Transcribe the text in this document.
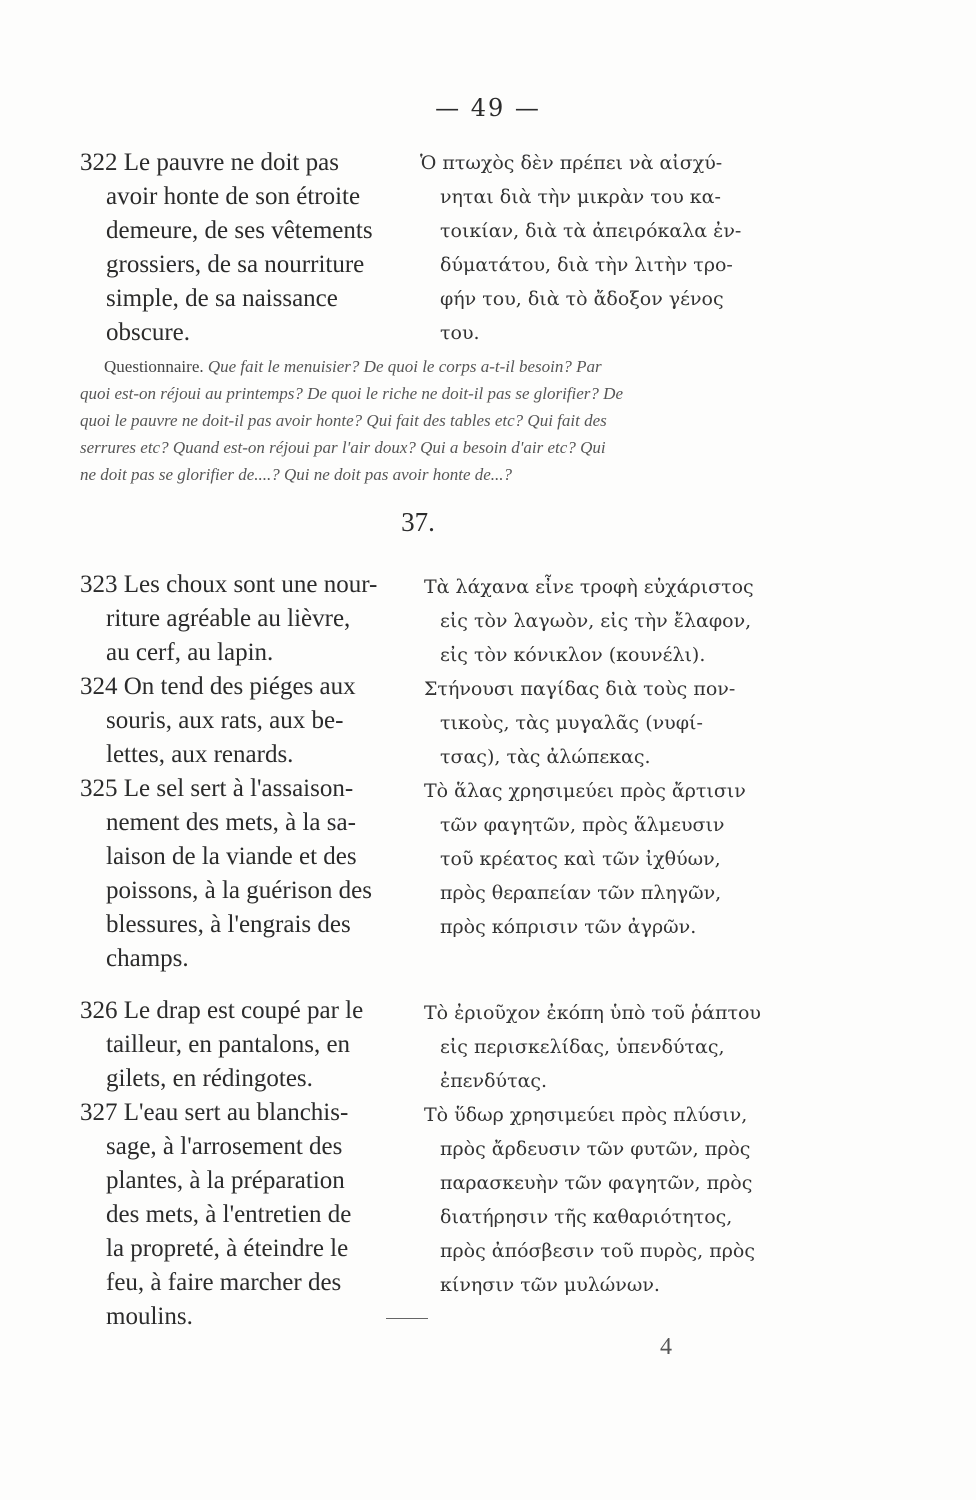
— 49 —
322 Le pauvre ne doit pas
avoir honte de son étroite
demeure, de ses vêtements
grossiers, de sa nourriture
simple, de sa naissance
obscure.
Ὁ πτωχὸς δὲν πρέπει νὰ αἰσχύ-
νηται διὰ τὴν μικρὰν του κα-
τοικίαν, διὰ τὰ ἀπειρόκαλα ἐν-
δύματάτου, διὰ τὴν λιτὴν τρο-
φήν του, διὰ τὸ ἄδοξον γένος
του.
Questionnaire. Que fait le menuisier? De quoi le corps a-t-il besoin? Par
quoi est-on réjoui au printemps? De quoi le riche ne doit-il pas se glorifier? De
quoi le pauvre ne doit-il pas avoir honte? Qui fait des tables etc? Qui fait des
serrures etc? Quand est-on réjoui par l'air doux? Qui a besoin d'air etc? Qui
ne doit pas se glorifier de....? Qui ne doit pas avoir honte de...?
37.
323 Les choux sont une nour-
riture agréable au lièvre,
au cerf, au lapin.
Τὰ λάχανα εἶνε τροφὴ εὐχάριστος
εἰς τὸν λαγωὸν, εἰς τὴν ἔλαφον,
εἰς τὸν κόνικλον (κουνέλι).
324 On tend des piéges aux
souris, aux rats, aux be-
lettes, aux renards.
Στήνουσι παγίδας διὰ τοὺς πον-
τικοὺς, τὰς μυγαλᾶς (νυφί-
τσας), τὰς ἀλώπεκας.
325 Le sel sert à l'assaison-
nement des mets, à la sa-
laison de la viande et des
poissons, à la guérison des
blessures, à l'engrais des
champs.
Τὸ ἅλας χρησιμεύει πρὸς ἄρτισιν
τῶν φαγητῶν, πρὸς ἅλμευσιν
τοῦ κρέατος καὶ τῶν ἰχθύων,
πρὸς θεραπείαν τῶν πληγῶν,
πρὸς κόπρισιν τῶν ἀγρῶν.
326 Le drap est coupé par le
tailleur, en pantalons, en
gilets, en rédingotes.
Τὸ ἐριοῦχον ἐκόπη ὑπὸ τοῦ ῥάπτου
εἰς περισκελίδας, ὑπενδύτας,
ἐπενδύτας.
327 L'eau sert au blanchis-
sage, à l'arrosement des
plantes, à la préparation
des mets, à l'entretien de
la propreté, à éteindre le
feu, à faire marcher des
moulins.
Τὸ ὕδωρ χρησιμεύει πρὸς πλύσιν,
πρὸς ἄρδευσιν τῶν φυτῶν, πρὸς
παρασκευὴν τῶν φαγητῶν, πρὸς
διατήρησιν τῆς καθαριότητος,
πρὸς ἀπόσβεσιν τοῦ πυρὸς, πρὸς
κίνησιν τῶν μυλώνων.
4
